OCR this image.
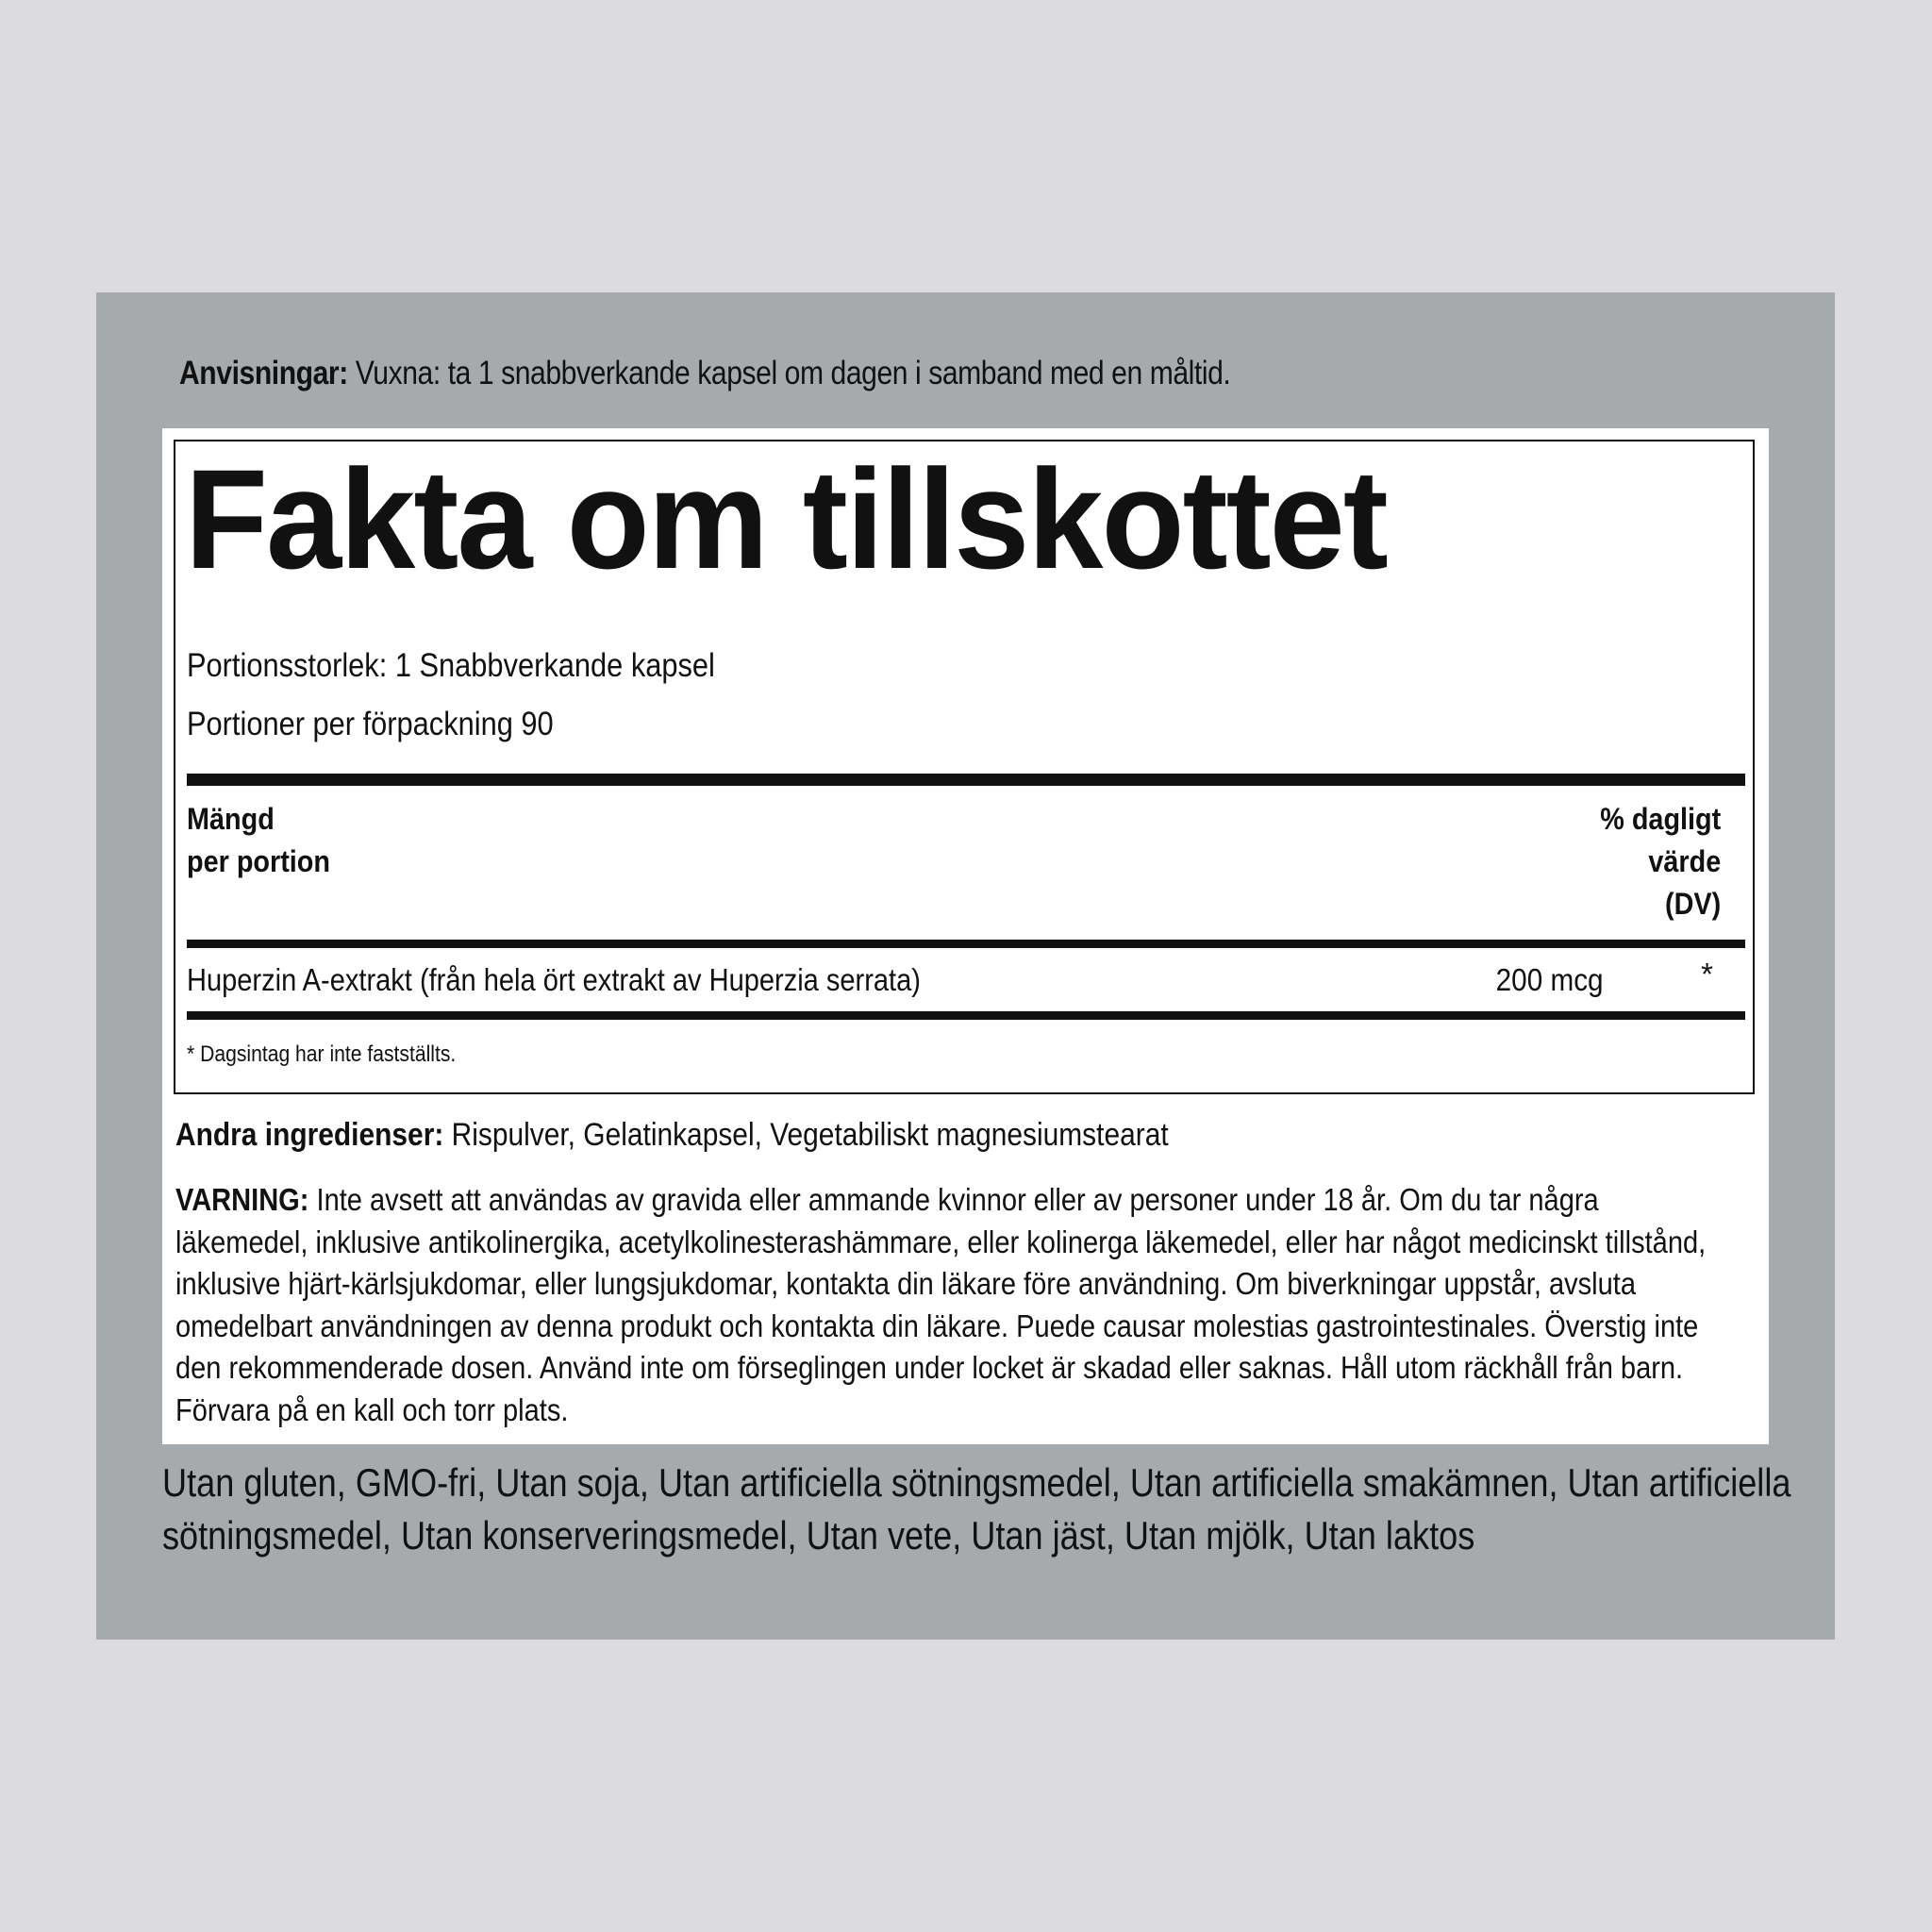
Anvisningar: Vuxna: ta 1 snabbverkande kapsel om dagen i samband med en måltid.
Fakta om tillskottet
Portionsstorlek: 1 Snabbverkande kapsel
Portioner per förpackning 90
Mängd
per portion
% dagligt
värde
(DV)
Huperzin A-extrakt (från hela ört extrakt av Huperzia serrata)	200 mcg	*
* Dagsintag har inte fastställts.
Andra ingredienser: Rispulver, Gelatinkapsel, Vegetabiliskt magnesiumstearat
VARNING: Inte avsett att användas av gravida eller ammande kvinnor eller av personer under 18 år. Om du tar några läkemedel, inklusive antikolinergika, acetylkolinesterashämmare, eller kolinerga läkemedel, eller har något medicinskt tillstånd, inklusive hjärt-kärlsjukdomar, eller lungsjukdomar, kontakta din läkare före användning. Om biverkningar uppstår, avsluta omedelbart användningen av denna produkt och kontakta din läkare. Puede causar molestias gastrointestinales. Överstig inte den rekommenderade dosen. Använd inte om förseglingen under locket är skadad eller saknas. Håll utom räckhåll från barn. Förvara på en kall och torr plats.
Utan gluten, GMO-fri, Utan soja, Utan artificiella sötningsmedel, Utan artificiella smakämnen, Utan artificiella sötningsmedel, Utan konserveringsmedel, Utan vete, Utan jäst, Utan mjölk, Utan laktos
